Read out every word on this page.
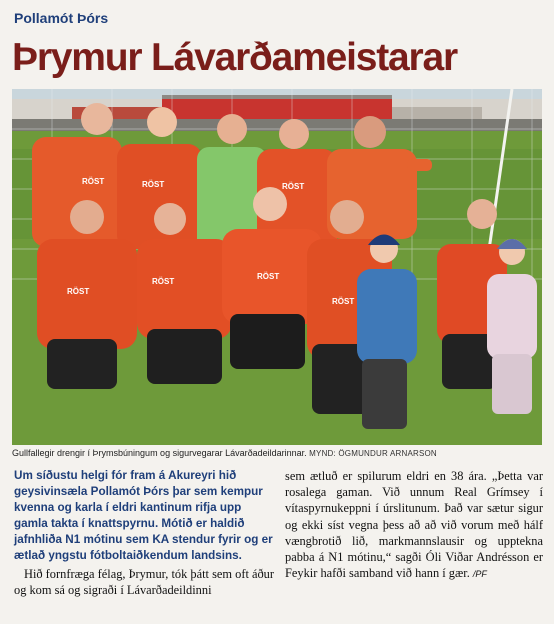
Pollamót Þórs
Þrymur Lávarðameistarar
RÖST	RÖST	RÖST
RÖST
RÖST
RÖST
RÖST
Gullfallegir drengir í Þrymsbúningum og sigurvegarar Lávarðadeildarinnar. MYND: ÖGMUNDUR ARNARSON

Um síðustu helgi fór fram á Akureyri hið geysivinsæla Pollamót Þórs þar sem kempur kvenna og karla í eldri kantinum rifja upp gamla takta í knattspyrnu. Mótið er haldið jafnhliða N1 mótinu sem KA stendur fyrir og er ætlað yngstu fótboltaiðkendum landsins.

Hið fornfræga félag, Þrymur, tók þátt sem oft áður og kom sá og sigraði í Lávarðadeildinni

sem ætluð er spilurum eldri en 38 ára. „Þetta var rosalega gaman. Við unnum Real Grímsey í vítaspyrnukeppni í úrslitunum. Það var sætur sigur og ekki síst vegna þess að að við vorum með hálf vængbrotið lið, markmannslausir og upptekna pabba á N1 mótinu,“ sagði Óli Viðar Andrésson er Feykir hafði samband við hann í gær. /PF
